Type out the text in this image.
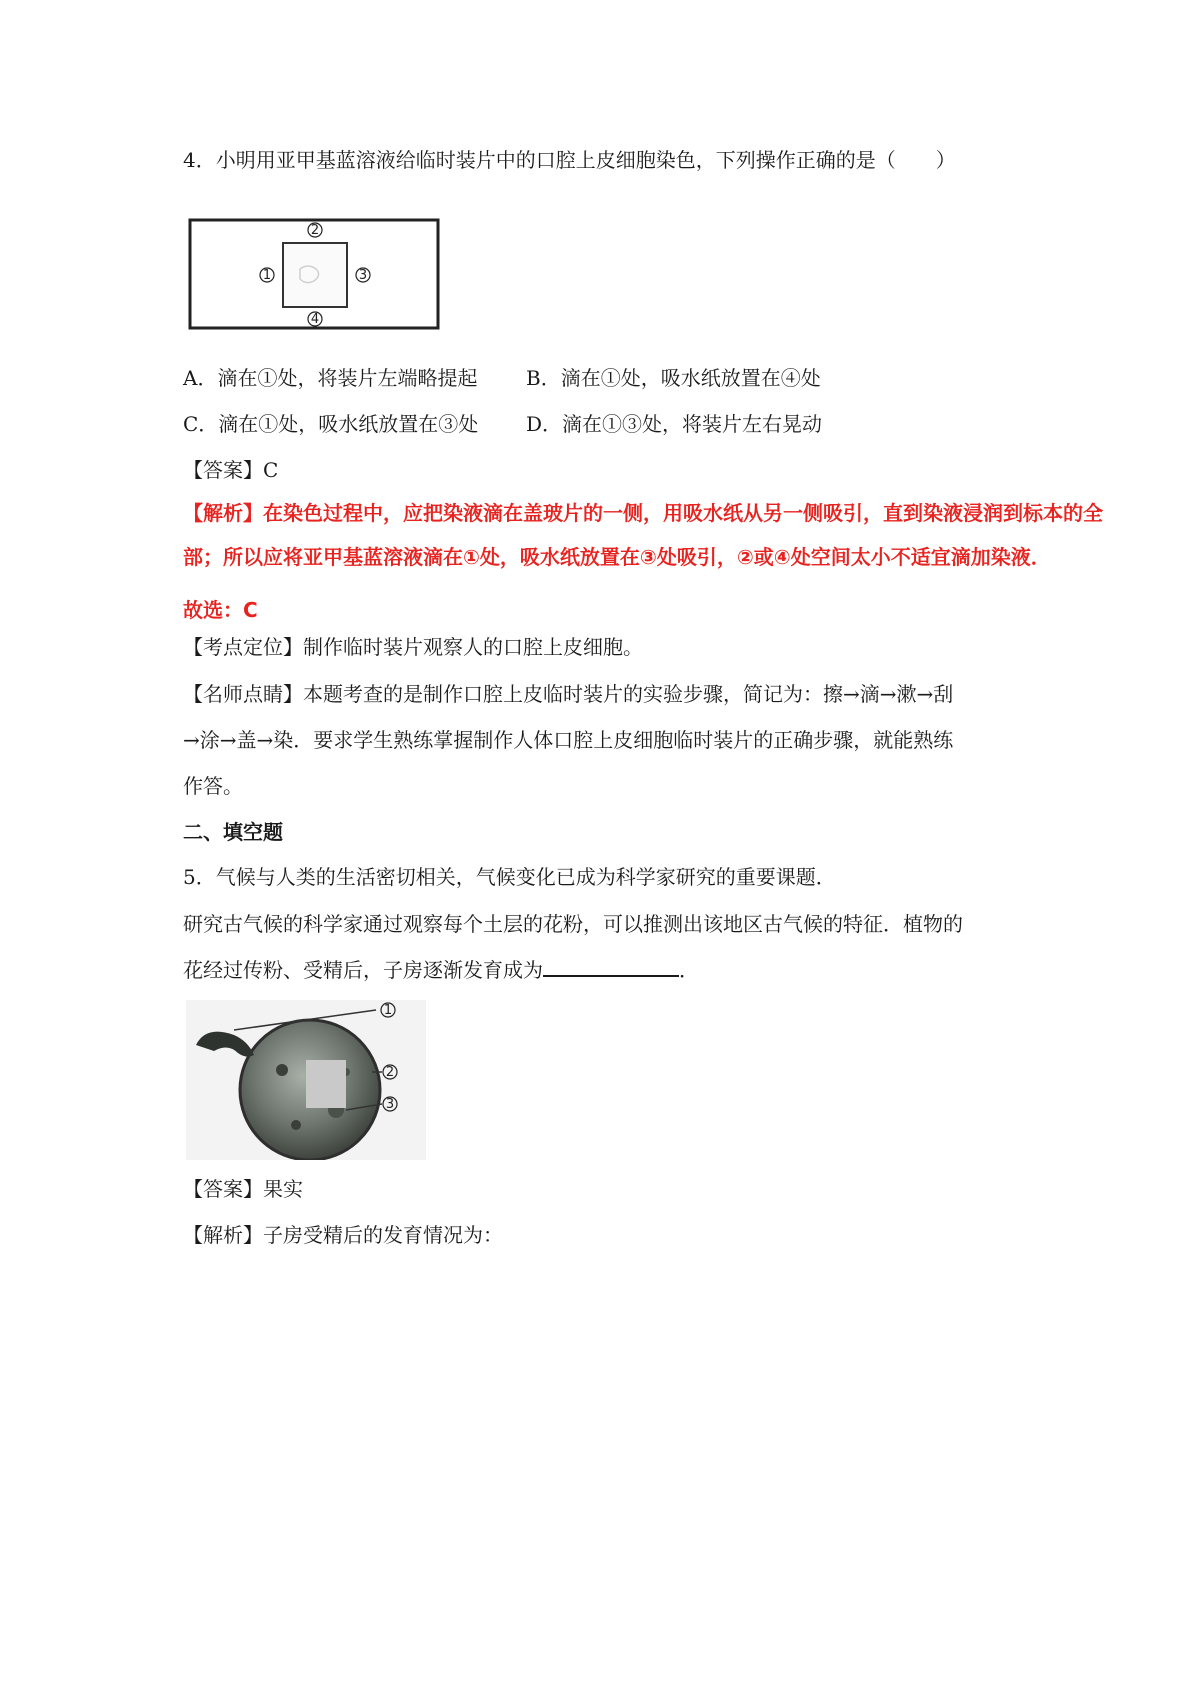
4．小明用亚甲基蓝溶液给临时装片中的口腔上皮细胞染色，下列操作正确的是（　　）
2
1	3
4
A．滴在①处，将装片左端略提起 B．滴在①处，吸水纸放置在④处
C．滴在①处，吸水纸放置在③处 D．滴在①③处，将装片左右晃动
【答案】C
【解析】在染色过程中，应把染液滴在盖玻片的一侧，用吸水纸从另一侧吸引，直到染液浸润到标本的全
部；所以应将亚甲基蓝溶液滴在①处，吸水纸放置在③处吸引，②或④处空间太小不适宜滴加染液．
故选：C
【考点定位】制作临时装片观察人的口腔上皮细胞。
【名师点睛】本题考查的是制作口腔上皮临时装片的实验步骤，简记为：擦→滴→漱→刮
→涂→盖→染．要求学生熟练掌握制作人体口腔上皮细胞临时装片的正确步骤，就能熟练
作答。
二、填空题
5．气候与人类的生活密切相关，气候变化已成为科学家研究的重要课题．
研究古气候的科学家通过观察每个土层的花粉，可以推测出该地区古气候的特征．植物的
花经过传粉、受精后，子房逐渐发育成为	．
1
2
3
【答案】果实
【解析】子房受精后的发育情况为：
